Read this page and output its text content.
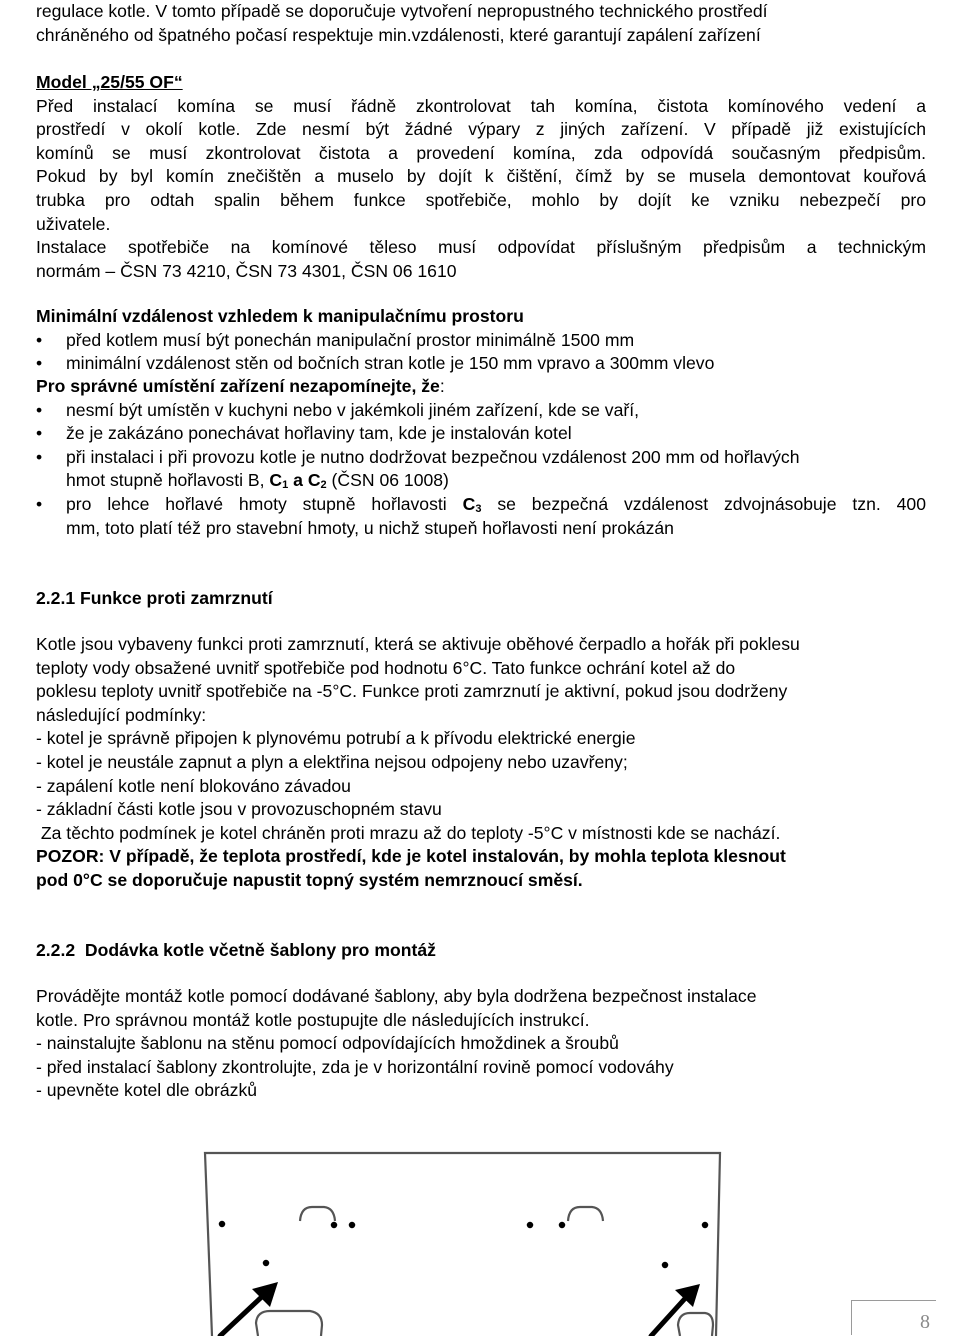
regulace kotle. V tomto případě se doporučuje vytvoření nepropustného technického prostředí
chráněného od špatného počasí respektuje min.vzdálenosti, které garantují zapálení zařízení
Model „25/55 OF“
Před instalací komína se musí řádně zkontrolovat tah komína, čistota komínového vedení a
prostředí v okolí kotle. Zde nesmí být žádné výpary z jiných zařízení. V případě již existujících
komínů se musí zkontrolovat čistota a provedení komína, zda odpovídá současným předpisům.
Pokud by byl komín znečištěn a muselo by dojít k čištění, čímž by se musela demontovat kouřová
trubka pro odtah spalin během funkce spotřebiče, mohlo by dojít ke vzniku nebezpečí pro
uživatele.
Instalace spotřebiče na komínové těleso musí odpovídat příslušným předpisům a technickým
normám – ČSN 73 4210, ČSN 73 4301, ČSN 06 1610
Minimální vzdálenost vzhledem k manipulačnímu prostoru
• před kotlem musí být ponechán manipulační prostor minimálně 1500 mm
• minimální vzdálenost stěn od bočních stran kotle je 150 mm vpravo a 300mm vlevo
Pro správné umístění zařízení nezapomínejte, že:
• nesmí být umístěn v kuchyni nebo v jakémkoli jiném zařízení, kde se vaří,
• že je zakázáno ponechávat hořlaviny tam, kde je instalován kotel
• při instalaci i při provozu kotle je nutno dodržovat bezpečnou vzdálenost 200 mm od hořlavých
hmot stupně hořlavosti B, $C_1$ a $C_2$ (ČSN 06 1008)
• pro lehce hořlavé hmoty stupně hořlavosti $C_3$ se bezpečná vzdálenost zdvojnásobuje tzn. 400
mm, toto platí též pro stavební hmoty, u nichž stupeň hořlavosti není prokázán
2.2.1 Funkce proti zamrznutí
Kotle jsou vybaveny funkci proti zamrznutí, která se aktivuje oběhové čerpadlo a hořák při poklesu
teploty vody obsažené uvnitř spotřebiče pod hodnotu 6°C. Tato funkce ochrání kotel až do
poklesu teploty uvnitř spotřebiče na -5°C. Funkce proti zamrznutí je aktivní, pokud jsou dodrženy
následující podmínky:
- kotel je správně připojen k plynovému potrubí a k přívodu elektrické energie
- kotel je neustále zapnut a plyn a elektřina nejsou odpojeny nebo uzavřeny;
- zapálení kotle není blokováno závadou
- základní části kotle jsou v provozuschopném stavu
Za těchto podmínek je kotel chráněn proti mrazu až do teploty -5°C v místnosti kde se nachází.
POZOR: V případě, že teplota prostředí, kde je kotel instalován, by mohla teplota klesnout
pod 0°C se doporučuje napustit topný systém nemrznoucí směsí.
2.2.2  Dodávka kotle včetně šablony pro montáž
Provádějte montáž kotle pomocí dodávané šablony, aby byla dodržena bezpečnost instalace
kotle. Pro správnou montáž kotle postupujte dle následujících instrukcí.
- nainstalujte šablonu na stěnu pomocí odpovídajících hmoždinek a šroubů
- před instalací šablony zkontrolujte, zda je v horizontální rovině pomocí vodováhy
- upevněte kotel dle obrázků
8
